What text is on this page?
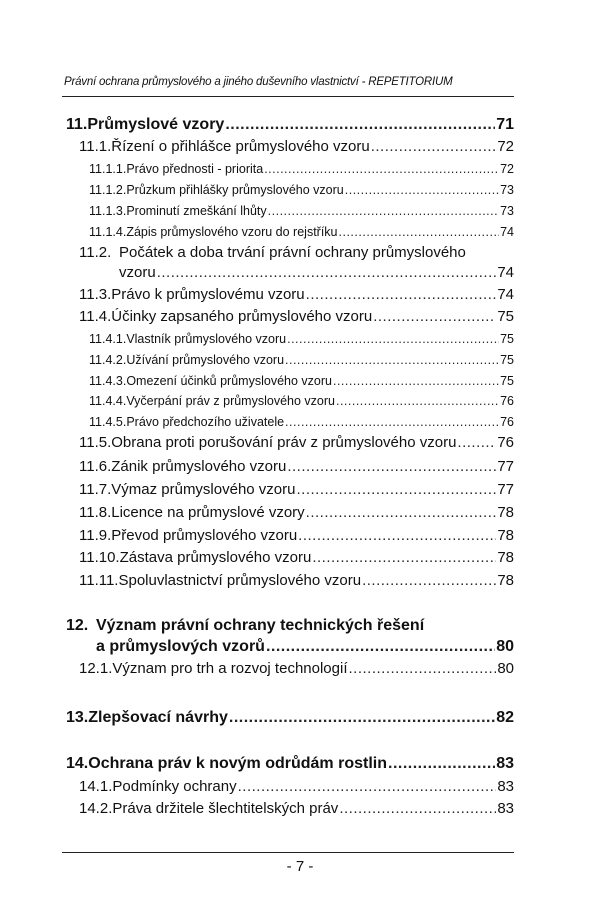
Právní ochrana průmyslového a jiného duševního vlastnictví - REPETITORIUM
11. Průmyslové vzory .....	71
11.1. Řízení o přihlášce průmyslového vzoru .....	72
11.1.1. Právo přednosti - priorita .....	72
11.1.2. Průzkum přihlášky průmyslového vzoru .....	73
11.1.3. Prominutí zmeškání lhůty .....	73
11.1.4. Zápis průmyslového vzoru do rejstříku .....	74
11.2. Počátek a doba trvání právní ochrany průmyslového
vzoru .....	74
11.3. Právo k průmyslovému vzoru .....	74
11.4. Účinky zapsaného průmyslového vzoru .....	75
11.4.1. Vlastník průmyslového vzoru .....	75
11.4.2. Užívání průmyslového vzoru .....	75
11.4.3. Omezení účinků průmyslového vzoru .....	75
11.4.4. Vyčerpání práv z průmyslového vzoru .....	76
11.4.5. Právo předchozího uživatele .....	76
11.5. Obrana proti porušování práv z průmyslového vzoru .....	76
11.6. Zánik průmyslového vzoru .....	77
11.7. Výmaz průmyslového vzoru .....	77
11.8. Licence na průmyslové vzory .....	78
11.9. Převod průmyslového vzoru .....	78
11.10. Zástava průmyslového vzoru .....	78
11.11. Spoluvlastnictví průmyslového vzoru .....	78
12. Význam právní ochrany technických řešení
a průmyslových vzorů .....	80
12.1. Význam pro trh a rozvoj technologií .....	80
13. Zlepšovací návrhy .....	82
14. Ochrana práv k novým odrůdám rostlin .....	83
14.1. Podmínky ochrany .....	83
14.2. Práva držitele šlechtitelských práv .....	83
- 7 -
